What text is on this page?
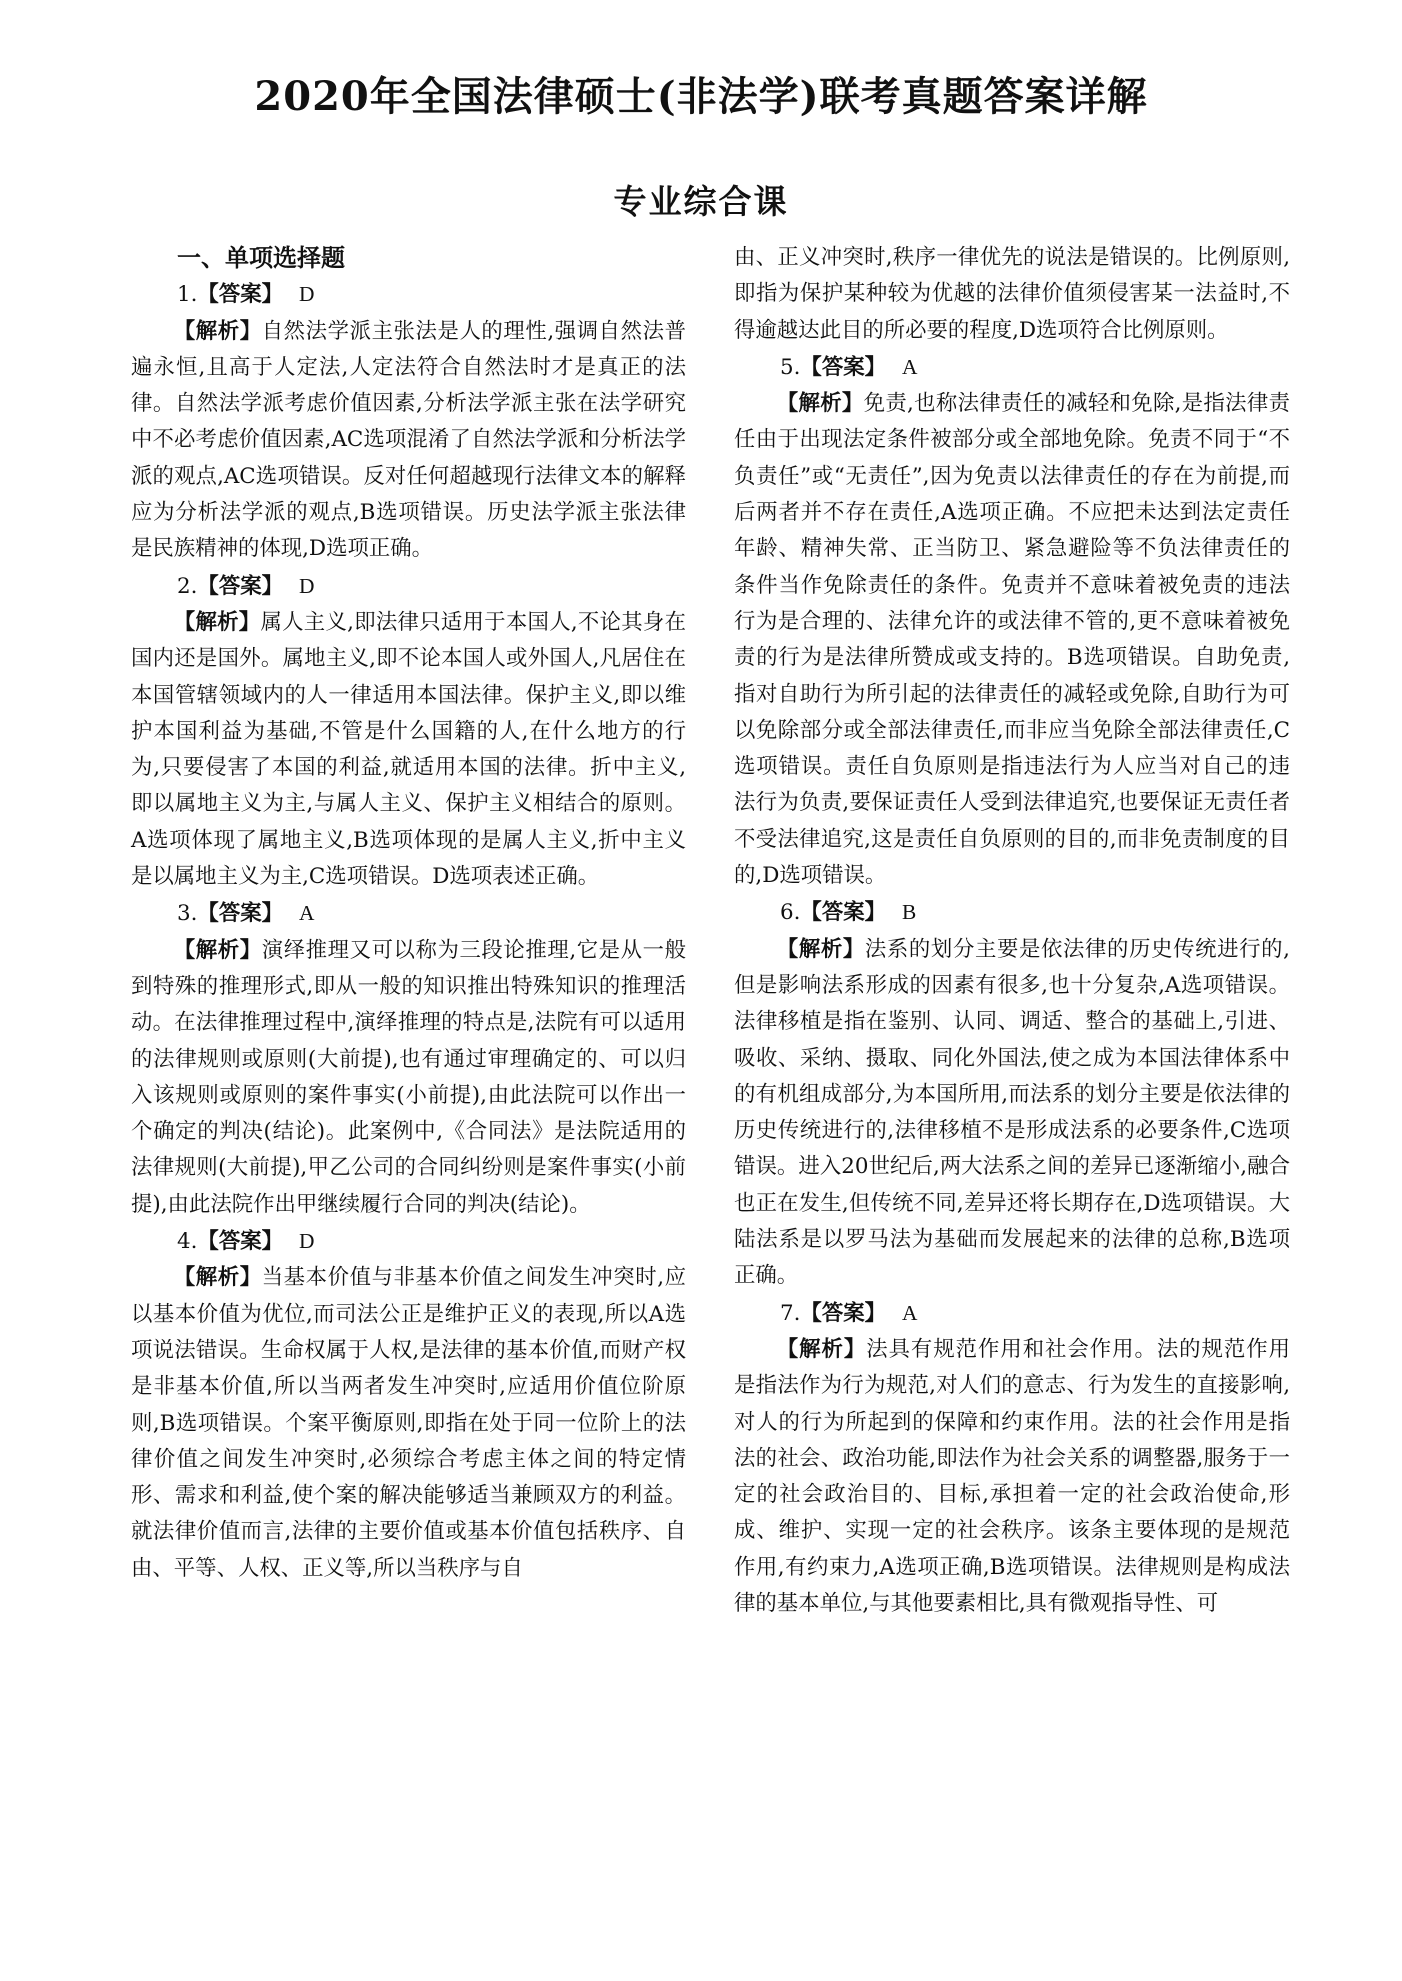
2020年全国法律硕士(非法学)联考真题答案详解
专业综合课

一、单项选择题

1.【答案】 D

【解析】自然法学派主张法是人的理性,强调自然法普遍永恒,且高于人定法,人定法符合自然法时才是真正的法律。自然法学派考虑价值因素,分析法学派主张在法学研究中不必考虑价值因素,AC选项混淆了自然法学派和分析法学派的观点,AC选项错误。反对任何超越现行法律文本的解释应为分析法学派的观点,B选项错误。历史法学派主张法律是民族精神的体现,D选项正确。

2.【答案】 D

【解析】属人主义,即法律只适用于本国人,不论其身在国内还是国外。属地主义,即不论本国人或外国人,凡居住在本国管辖领域内的人一律适用本国法律。保护主义,即以维护本国利益为基础,不管是什么国籍的人,在什么地方的行为,只要侵害了本国的利益,就适用本国的法律。折中主义,即以属地主义为主,与属人主义、保护主义相结合的原则。A选项体现了属地主义,B选项体现的是属人主义,折中主义是以属地主义为主,C选项错误。D选项表述正确。

3.【答案】 A

【解析】演绎推理又可以称为三段论推理,它是从一般到特殊的推理形式,即从一般的知识推出特殊知识的推理活动。在法律推理过程中,演绎推理的特点是,法院有可以适用的法律规则或原则(大前提),也有通过审理确定的、可以归入该规则或原则的案件事实(小前提),由此法院可以作出一个确定的判决(结论)。此案例中,《合同法》是法院适用的法律规则(大前提),甲乙公司的合同纠纷则是案件事实(小前提),由此法院作出甲继续履行合同的判决(结论)。

4.【答案】 D

【解析】当基本价值与非基本价值之间发生冲突时,应以基本价值为优位,而司法公正是维护正义的表现,所以A选项说法错误。生命权属于人权,是法律的基本价值,而财产权是非基本价值,所以当两者发生冲突时,应适用价值位阶原则,B选项错误。个案平衡原则,即指在处于同一位阶上的法律价值之间发生冲突时,必须综合考虑主体之间的特定情形、需求和利益,使个案的解决能够适当兼顾双方的利益。就法律价值而言,法律的主要价值或基本价值包括秩序、自由、平等、人权、正义等,所以当秩序与自

由、正义冲突时,秩序一律优先的说法是错误的。比例原则,即指为保护某种较为优越的法律价值须侵害某一法益时,不得逾越达此目的所必要的程度,D选项符合比例原则。

5.【答案】 A

【解析】免责,也称法律责任的减轻和免除,是指法律责任由于出现法定条件被部分或全部地免除。免责不同于“不负责任”或“无责任”,因为免责以法律责任的存在为前提,而后两者并不存在责任,A选项正确。不应把未达到法定责任年龄、精神失常、正当防卫、紧急避险等不负法律责任的条件当作免除责任的条件。免责并不意味着被免责的违法行为是合理的、法律允许的或法律不管的,更不意味着被免责的行为是法律所赞成或支持的。B选项错误。自助免责,指对自助行为所引起的法律责任的减轻或免除,自助行为可以免除部分或全部法律责任,而非应当免除全部法律责任,C选项错误。责任自负原则是指违法行为人应当对自己的违法行为负责,要保证责任人受到法律追究,也要保证无责任者不受法律追究,这是责任自负原则的目的,而非免责制度的目的,D选项错误。

6.【答案】 B

【解析】法系的划分主要是依法律的历史传统进行的,但是影响法系形成的因素有很多,也十分复杂,A选项错误。法律移植是指在鉴别、认同、调适、整合的基础上,引进、吸收、采纳、摄取、同化外国法,使之成为本国法律体系中的有机组成部分,为本国所用,而法系的划分主要是依法律的历史传统进行的,法律移植不是形成法系的必要条件,C选项错误。进入20世纪后,两大法系之间的差异已逐渐缩小,融合也正在发生,但传统不同,差异还将长期存在,D选项错误。大陆法系是以罗马法为基础而发展起来的法律的总称,B选项正确。

7.【答案】 A

【解析】法具有规范作用和社会作用。法的规范作用是指法作为行为规范,对人们的意志、行为发生的直接影响,对人的行为所起到的保障和约束作用。法的社会作用是指法的社会、政治功能,即法作为社会关系的调整器,服务于一定的社会政治目的、目标,承担着一定的社会政治使命,形成、维护、实现一定的社会秩序。该条主要体现的是规范作用,有约束力,A选项正确,B选项错误。法律规则是构成法律的基本单位,与其他要素相比,具有微观指导性、可
